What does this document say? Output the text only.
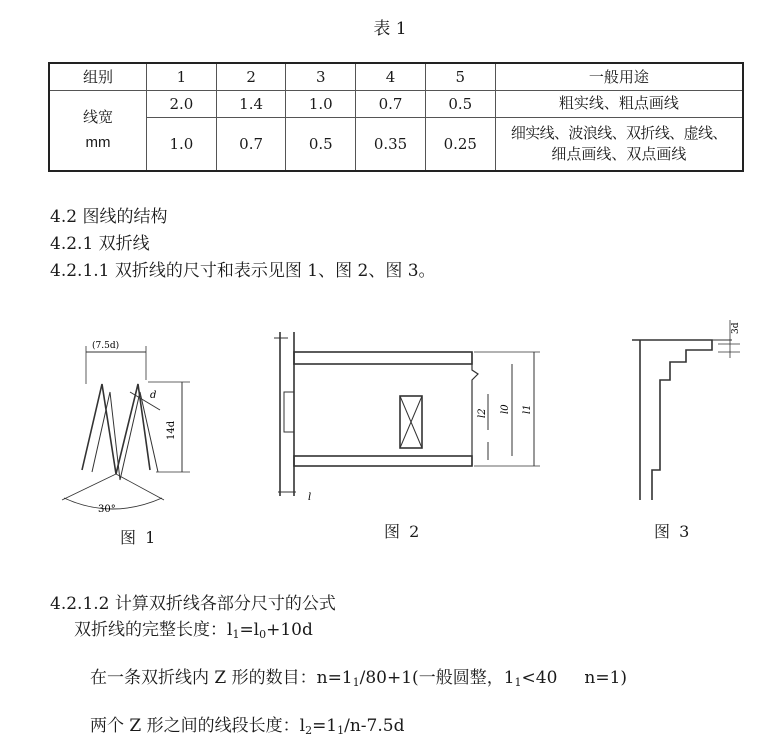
表 1
组别	1	2	3	4	5	一般用途

线宽
mm	2.0	1.4	1.0	0.7	0.5	粗实线、粗点画线
	1.0	0.7	0.5	0.35	0.25	细实线、波浪线、双折线、虚线、
细点画线、双点画线
4.2 图线的结构
4.2.1 双折线
4.2.1.1 双折线的尺寸和表示见图 1、图 2、图 3。
(7.5d)
14d
d
30°
l1
l0
l2
l
3d
图 1	图 2	图 3
4.2.1.2 计算双折线各部分尺寸的公式
双折线的完整长度：$l_1=l_0+10d$
在一条双折线内 Z 形的数目：$n=1_1/80+1$(一般圆整，$1_1<40$     n=1)
两个 Z 形之间的线段长度：$l_2=1_1/n-7.5d$
